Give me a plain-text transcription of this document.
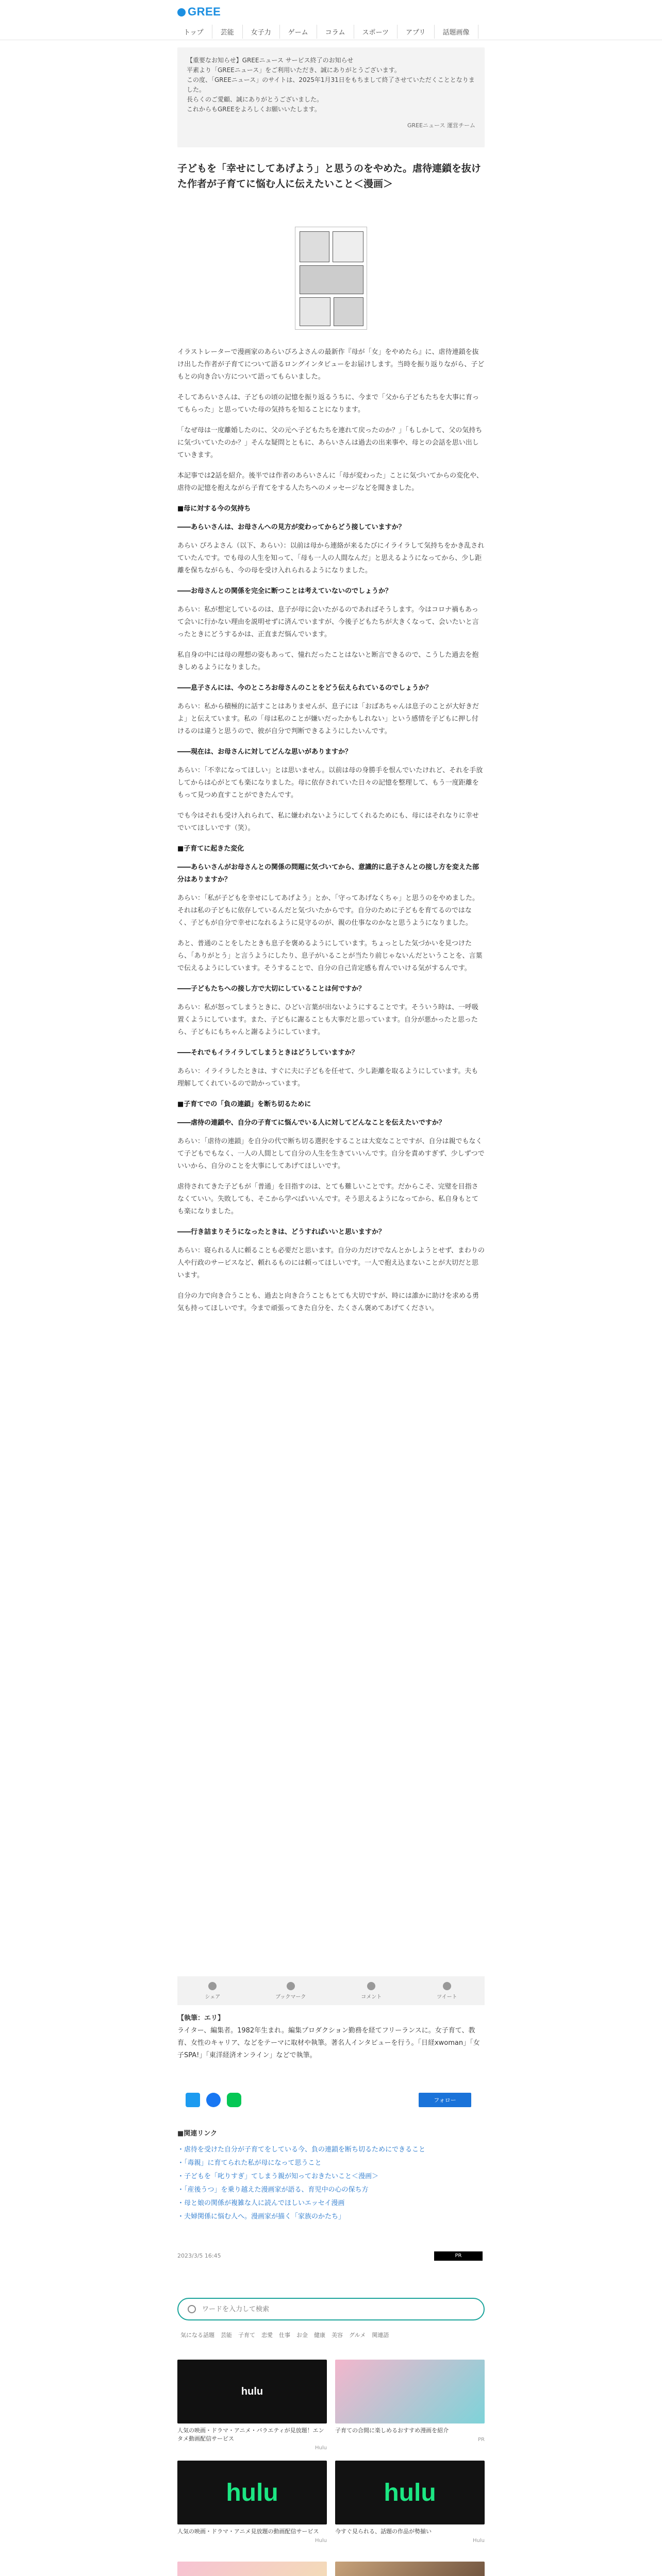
GREE
トップ	芸能	女子力	ゲーム	コラム	スポーツ	アプリ	話題画像
【重要なお知らせ】GREEニュース サービス終了のお知らせ
平素より「GREEニュース」をご利用いただき、誠にありがとうございます。
この度、「GREEニュース」のサイトは、2025年1月31日をもちまして終了させていただくこととなりました。
長らくのご愛顧、誠にありがとうございました。
これからもGREEをよろしくお願いいたします。
GREEニュース 運営チーム
子どもを「幸せにしてあげよう」と思うのをやめた。虐待連鎖を抜けた作者が子育てに悩む人に伝えたいこと＜漫画＞

イラストレーターで漫画家のあらいぴろよさんの最新作『母が「女」をやめたら』に、虐待連鎖を抜け出した作者が子育てについて語るロングインタビューをお届けします。当時を振り返りながら、子どもとの向き合い方について語ってもらいました。

そしてあらいさんは、子どもの頃の記憶を振り返るうちに、今まで「父から子どもたちを大事に育ってもらった」と思っていた母の気持ちを知ることになります。

「なぜ母は一度離婚したのに、父の元へ子どもたちを連れて戻ったのか？」「もしかして、父の気持ちに気づいていたのか？」そんな疑問とともに、あらいさんは過去の出来事や、母との会話を思い出していきます。

本記事では2話を紹介。後半では作者のあらいさんに「母が変わった」ことに気づいてからの変化や、虐待の記憶を抱えながら子育てをする人たちへのメッセージなどを聞きました。

■母に対する今の気持ち
――あらいさんは、お母さんへの見方が変わってからどう接していますか？

あらい ぴろよさん（以下、あらい）：以前は母から連絡が来るたびにイライラして気持ちをかき乱されていたんです。でも母の人生を知って、「母も一人の人間なんだ」と思えるようになってから、少し距離を保ちながらも、今の母を受け入れられるようになりました。

――お母さんとの関係を完全に断つことは考えていないのでしょうか？

あらい：私が想定しているのは、息子が母に会いたがるのであればそうします。今はコロナ禍もあって会いに行かない理由を説明せずに済んでいますが、今後子どもたちが大きくなって、会いたいと言ったときにどうするかは、正直まだ悩んでいます。

私自身の中には母の理想の姿もあって、憧れだったことはないと断言できるので、こうした過去を抱きしめるようになりました。

――息子さんには、今のところお母さんのことをどう伝えられているのでしょうか？

あらい：私から積極的に話すことはありませんが、息子には「おばあちゃんは息子のことが大好きだよ」と伝えています。私の「母は私のことが嫌いだったかもしれない」という感情を子どもに押し付けるのは違うと思うので、彼が自分で判断できるようにしたいんです。

――現在は、お母さんに対してどんな思いがありますか？

あらい：「不幸になってほしい」とは思いません。以前は母の身勝手を恨んでいたけれど、それを手放してからは心がとても楽になりました。母に依存されていた日々の記憶を整理して、もう一度距離をもって見つめ直すことができたんです。

でも今はそれも受け入れられて、私に嫌われないようにしてくれるためにも、母にはそれなりに幸せでいてほしいです（笑）。

■子育てに起きた変化
――あらいさんがお母さんとの関係の問題に気づいてから、意識的に息子さんとの接し方を変えた部分はありますか？

あらい：「私が子どもを幸せにしてあげよう」とか、「守ってあげなくちゃ」と思うのをやめました。それは私の子どもに依存しているんだと気づいたからです。自分のために子どもを育てるのではなく、子どもが自分で幸せになれるように見守るのが、親の仕事なのかなと思うようになりました。

あと、普通のことをしたときも息子を褒めるようにしています。ちょっとした気づかいを見つけたら、「ありがとう」と言うようにしたり、息子がいることが当たり前じゃないんだということを、言葉で伝えるようにしています。そうすることで、自分の自己肯定感も育んでいける気がするんです。

――子どもたちへの接し方で大切にしていることは何ですか？

あらい：私が怒ってしまうときに、ひどい言葉が出ないようにすることです。そういう時は、一呼吸置くようにしています。また、子どもに謝ることも大事だと思っています。自分が悪かったと思ったら、子どもにもちゃんと謝るようにしています。

――それでもイライラしてしまうときはどうしていますか？

あらい：イライラしたときは、すぐに夫に子どもを任せて、少し距離を取るようにしています。夫も理解してくれているので助かっています。

■子育てでの「負の連鎖」を断ち切るために
――虐待の連鎖や、自分の子育てに悩んでいる人に対してどんなことを伝えたいですか？

あらい：「虐待の連鎖」を自分の代で断ち切る選択をすることは大変なことですが、自分は親でもなくて子どもでもなく、一人の人間として自分の人生を生きていいんです。自分を責めすぎず、少しずつでいいから、自分のことを大事にしてあげてほしいです。

虐待されてきた子どもが「普通」を目指すのは、とても難しいことです。だからこそ、完璧を目指さなくていい。失敗しても、そこから学べばいいんです。そう思えるようになってから、私自身もとても楽になりました。

――行き詰まりそうになったときは、どうすればいいと思いますか？

あらい：寝られる人に頼ることも必要だと思います。自分の力だけでなんとかしようとせず、まわりの人や行政のサービスなど、頼れるものには頼ってほしいです。一人で抱え込まないことが大切だと思います。

自分の力で向き合うことも、過去と向き合うこともとても大切ですが、時には誰かに助けを求める勇気も持ってほしいです。今まで頑張ってきた自分を、たくさん褒めてあげてください。

シェア	ブックマーク	コメント	ツイート
【執筆：エリ】
ライター、編集者。1982年生まれ。編集プロダクション勤務を経てフリーランスに。女子育て、教育、女性のキャリア、などをテーマに取材や執筆。著名人インタビューを行う。「日経xwoman」「女子SPA!」「東洋経済オンライン」などで執筆。
フォロー
■関連リンク
・虐待を受けた自分が子育てをしている今、負の連鎖を断ち切るためにできること
・「毒親」に育てられた私が母になって思うこと
・子どもを「叱りすぎ」てしまう親が知っておきたいこと＜漫画＞
・「産後うつ」を乗り越えた漫画家が語る、育児中の心の保ち方
・母と娘の関係が複雑な人に読んでほしいエッセイ漫画
・夫婦関係に悩む人へ。漫画家が描く「家族のかたち」
2023/3/5 16:45	PR
ワードを入力して検索
気になる話題 芸能 子育て 恋愛 仕事 お金 健康 美容 グルメ 関連語
hulu
人気の映画・ドラマ・アニメ・バラエティが見放題！エンタメ動画配信サービス
Hulu
子育ての合間に楽しめるおすすめ漫画を紹介
PR
hulu
人気の映画・ドラマ・アニメ見放題の動画配信サービス
Hulu
hulu
今すぐ見られる、話題の作品が勢揃い
Hulu
